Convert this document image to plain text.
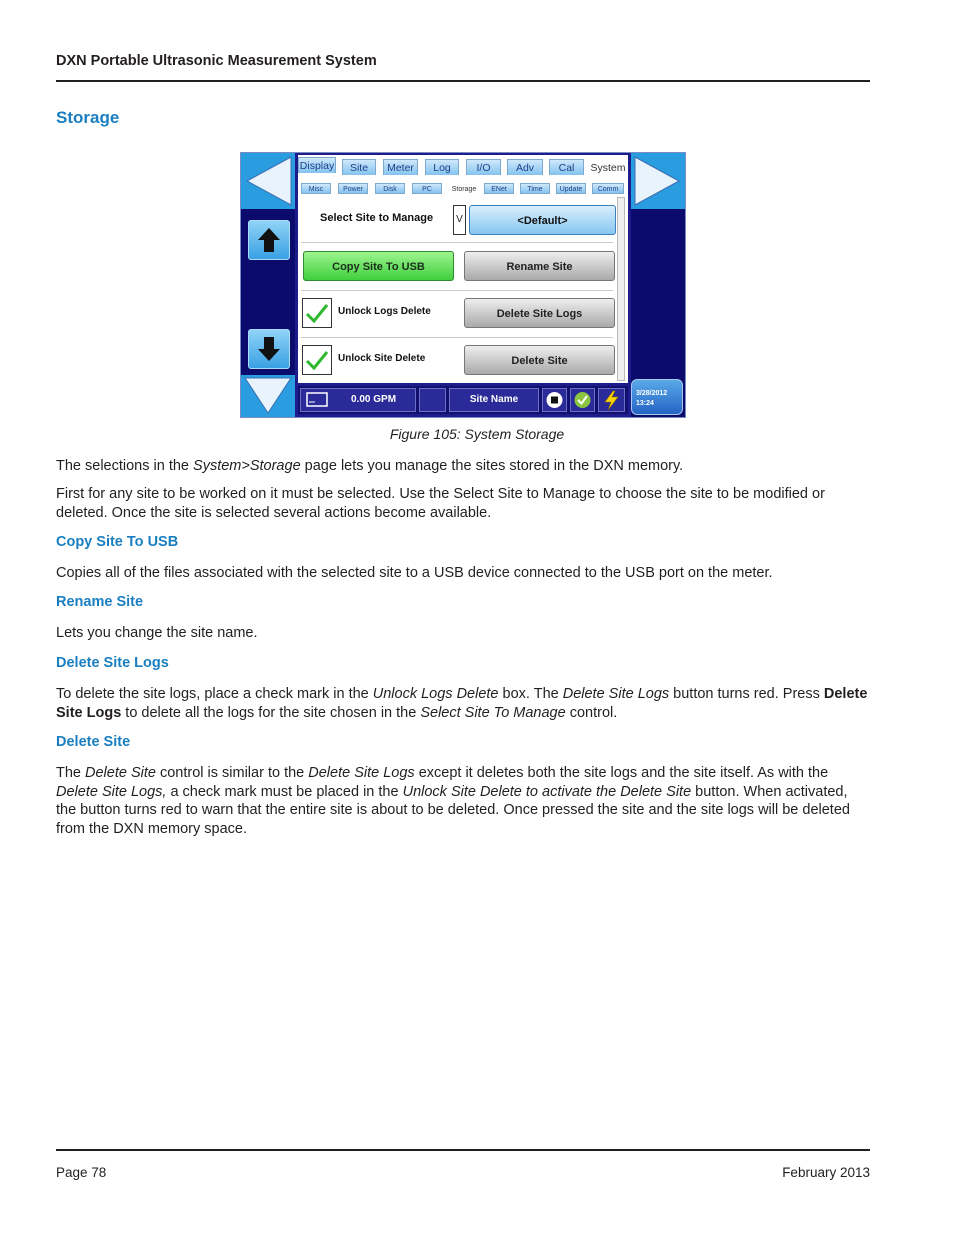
DXN Portable Ultrasonic Measurement System
Storage
Display	Site	Meter	Log	I/O	Adv	Cal	System
Misc	Power	Disk	PC	Storage	ENet	Time	Update	Comm
Select Site to Manage	V	<Default>
Copy Site To USB	Rename Site
Unlock Logs Delete	Delete Site Logs
Unlock Site Delete	Delete Site
0.00 GPM	Site Name
3/28/2012
13:24
Figure 105: System Storage

The selections in the System>Storage page lets you manage the sites stored in the DXN memory.

First for any site to be worked on it must be selected. Use the Select Site to Manage to choose the site to be modified or deleted. Once the site is selected several actions become available.

Copy Site To USB

Copies all of the files associated with the selected site to a USB device connected to the USB port on the meter.

Rename Site

Lets you change the site name.

Delete Site Logs

To delete the site logs, place a check mark in the Unlock Logs Delete box. The Delete Site Logs button turns red. Press Delete Site Logs to delete all the logs for the site chosen in the Select Site To Manage control.

Delete Site

The Delete Site control is similar to the Delete Site Logs except it deletes both the site logs and the site itself. As with the Delete Site Logs, a check mark must be placed in the Unlock Site Delete to activate the Delete Site button. When activated, the button turns red to warn that the entire site is about to be deleted. Once pressed the site and the site logs will be deleted from the DXN memory space.

Page 78	February 2013
